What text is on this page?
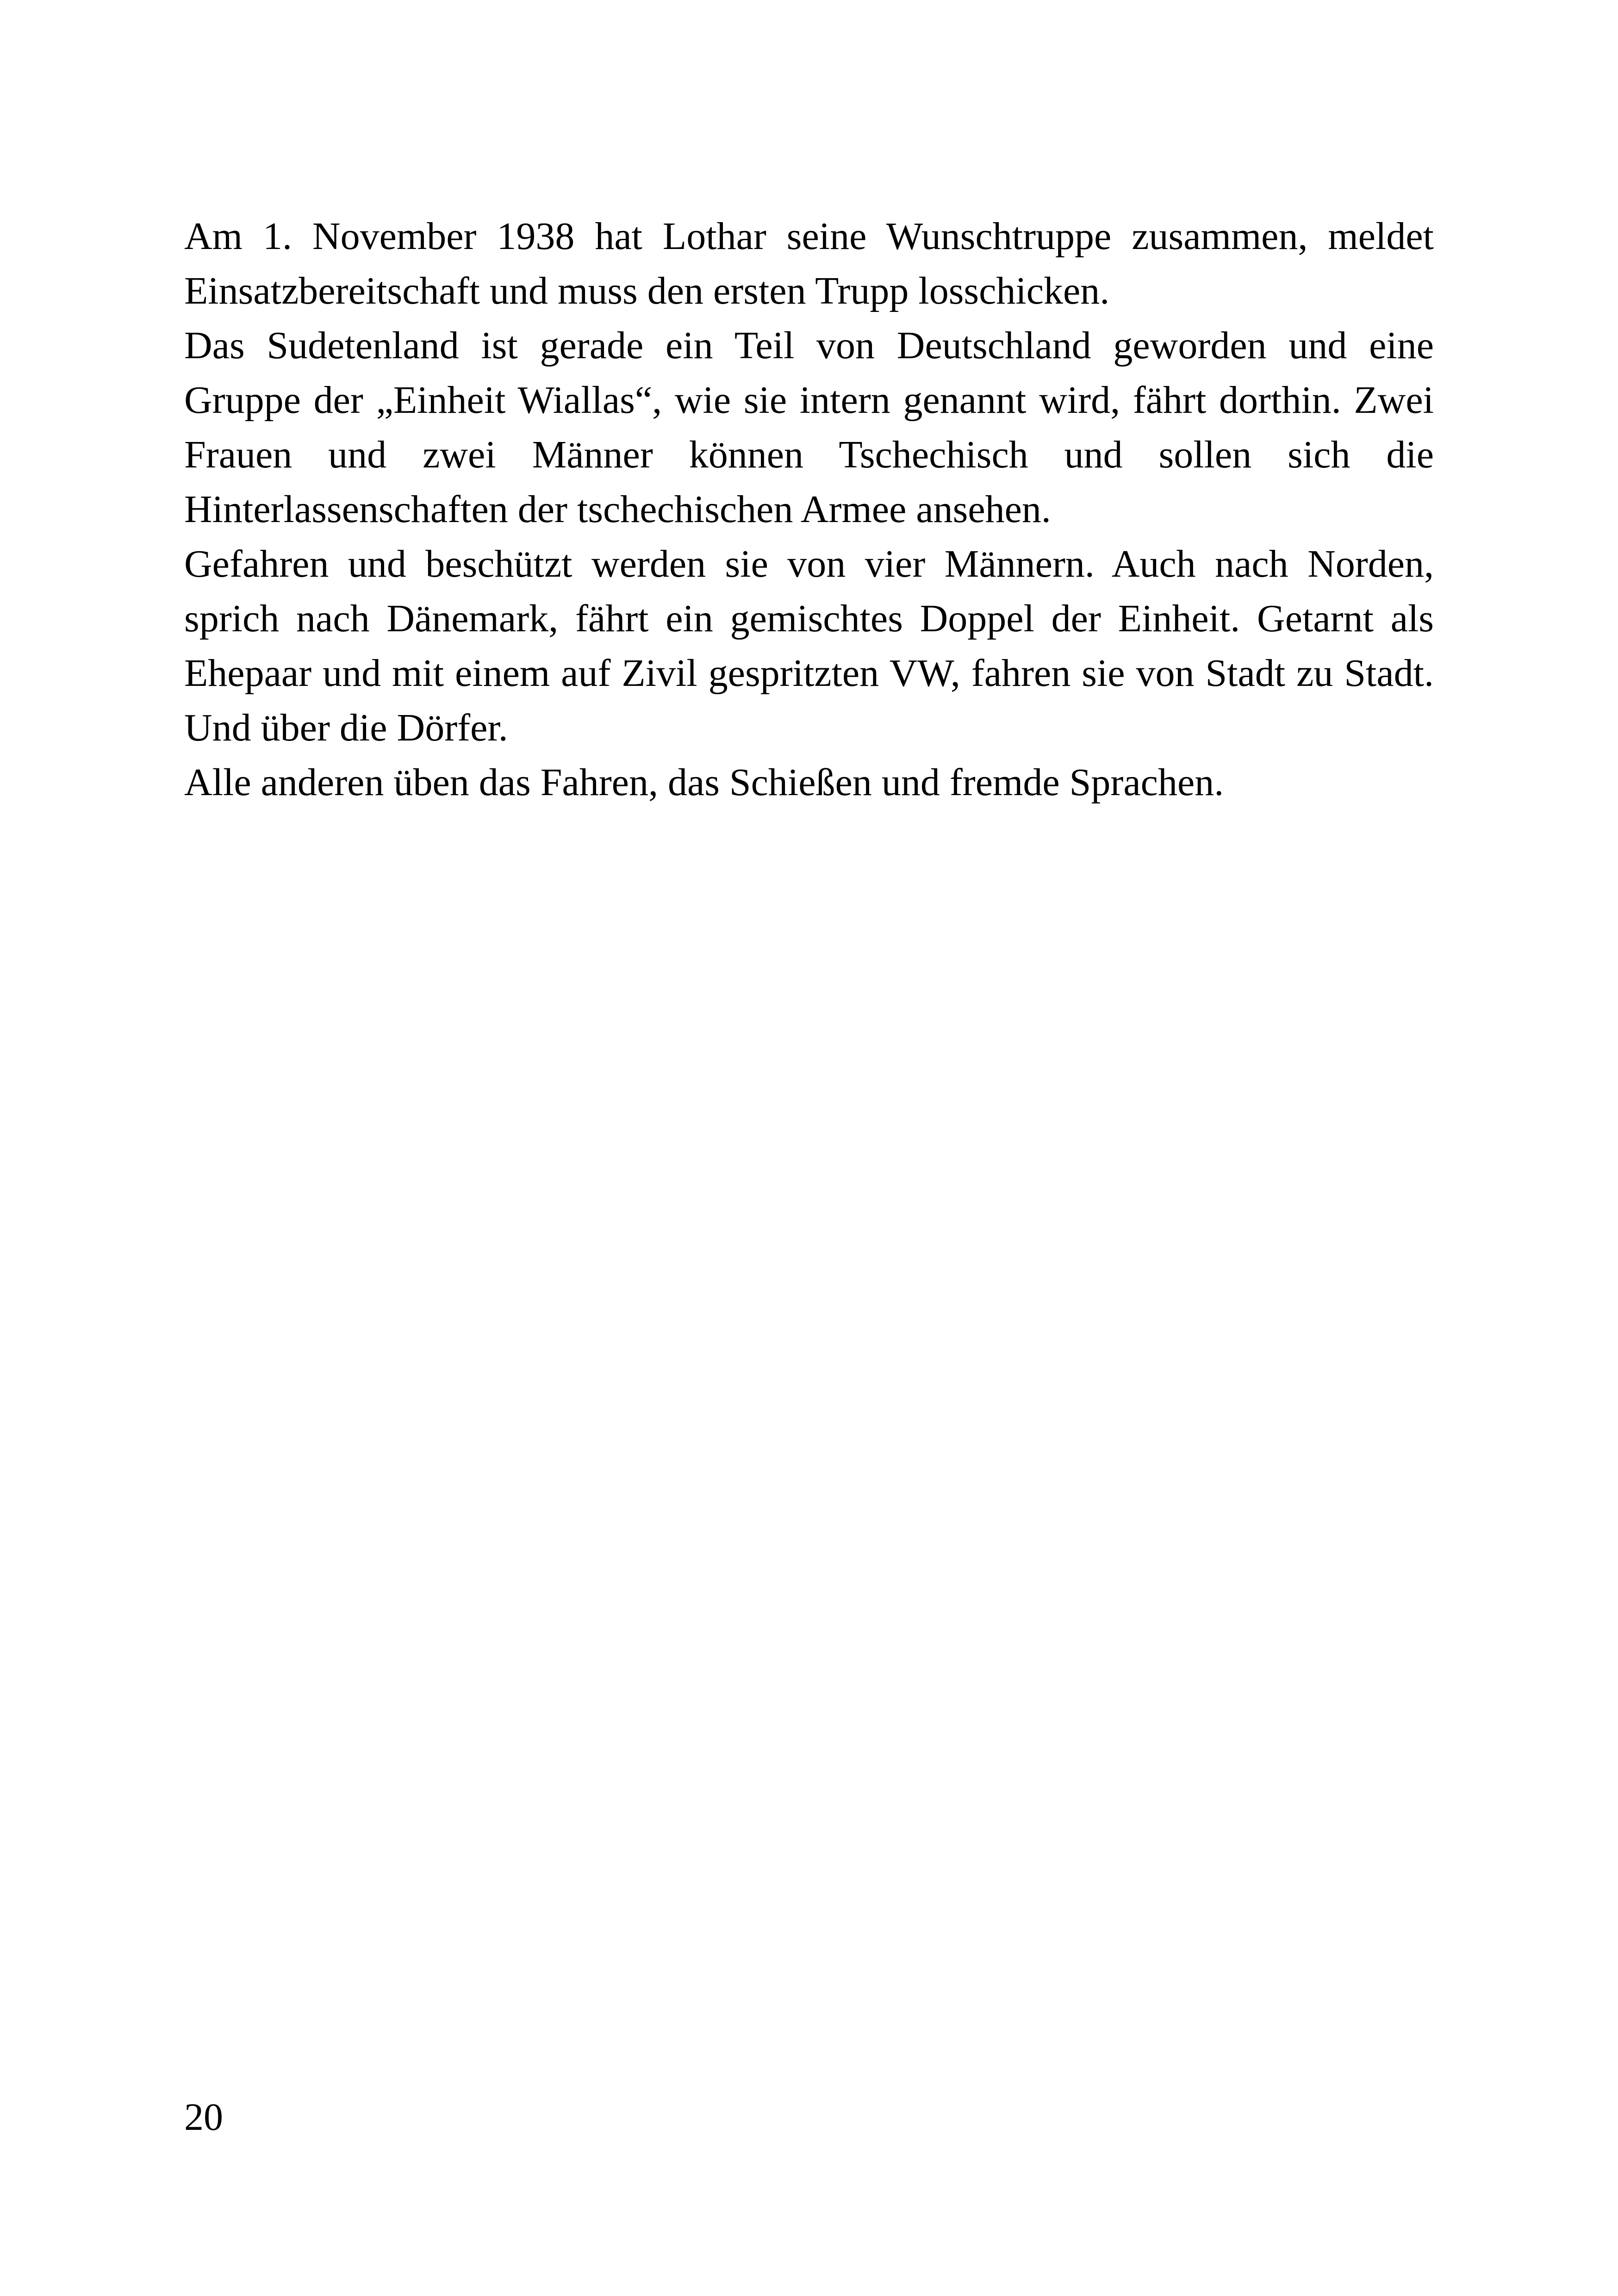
Am 1. November 1938 hat Lothar seine Wunschtruppe zusammen, meldet Einsatzbereitschaft und muss den ersten Trupp losschicken.

Das Sudetenland ist gerade ein Teil von Deutschland geworden und eine Gruppe der „Einheit Wiallas“, wie sie intern genannt wird, fährt dorthin. Zwei Frauen und zwei Männer können Tschechisch und sollen sich die Hinterlassenschaften der tschechischen Armee ansehen.

Gefahren und beschützt werden sie von vier Männern. Auch nach Norden, sprich nach Dänemark, fährt ein gemischtes Doppel der Einheit. Getarnt als Ehepaar und mit einem auf Zivil gespritzten VW, fahren sie von Stadt zu Stadt. Und über die Dörfer.

Alle anderen üben das Fahren, das Schießen und fremde Sprachen.

20
